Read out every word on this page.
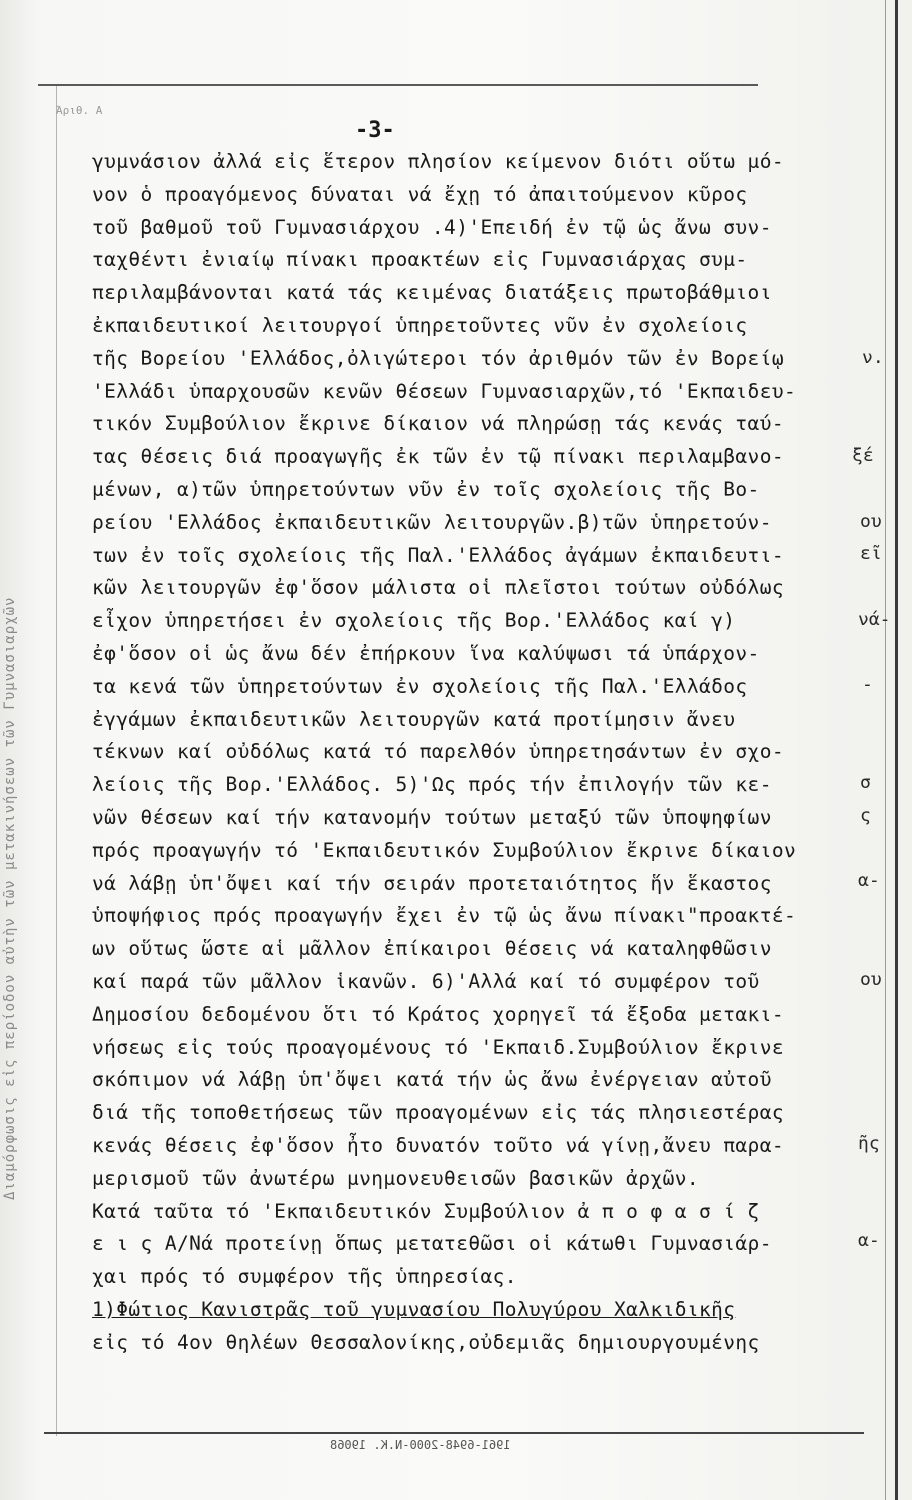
Διαμόρφωσις εἰς περίοδον αὐτὴν τῶν μετακινήσεων τῶν Γυμνασιαρχῶν
Άριθ. Α
-3-
γυμνάσιον ἀλλά εἰς ἕτερον πλησίον κείμενον διότι οὕτω μό-
νον ὁ προαγόμενος δύναται νά ἔχῃ τό ἀπαιτούμενον κῦρος
τοῦ βαθμοῦ τοῦ Γυμνασιάρχου .4)'Επειδή ἐν τῷ ὡς ἄνω συν-
ταχθέντι ἐνιαίῳ πίνακι προακτέων εἰς Γυμνασιάρχας συμ-
περιλαμβάνονται κατά τάς κειμένας διατάξεις πρωτοβάθμιοι
ἐκπαιδευτικοί λειτουργοί ὑπηρετοῦντες νῦν ἐν σχολείοις
τῆς Βορείου 'Ελλάδος,ὀλιγώτεροι τόν ἀριθμόν τῶν ἐν Βορείῳ
'Ελλάδι ὑπαρχουσῶν κενῶν θέσεων Γυμνασιαρχῶν,τό 'Εκπαιδευ-
τικόν Συμβούλιον ἔκρινε δίκαιον νά πληρώσῃ τάς κενάς ταύ-
τας θέσεις διά προαγωγῆς ἐκ τῶν ἐν τῷ πίνακι περιλαμβανο-
μένων, α)τῶν ὑπηρετούντων νῦν ἐν τοῖς σχολείοις τῆς Βο-
ρείου 'Ελλάδος ἐκπαιδευτικῶν λειτουργῶν.β)τῶν ὑπηρετούν-
των ἐν τοῖς σχολείοις τῆς Παλ.'Ελλάδος ἀγάμων ἐκπαιδευτι-
κῶν λειτουργῶν ἐφ'ὅσον μάλιστα οἱ πλεῖστοι τούτων οὐδόλως
εἶχον ὑπηρετήσει ἐν σχολείοις τῆς Βορ.'Ελλάδος καί γ)
ἐφ'ὅσον οἱ ὡς ἄνω δέν ἐπήρκουν ἵνα καλύψωσι τά ὑπάρχον-
τα κενά τῶν ὑπηρετούντων ἐν σχολείοις τῆς Παλ.'Ελλάδος
ἐγγάμων ἐκπαιδευτικῶν λειτουργῶν κατά προτίμησιν ἄνευ
τέκνων καί οὐδόλως κατά τό παρελθόν ὑπηρετησάντων ἐν σχο-
λείοις τῆς Βορ.'Ελλάδος. 5)'Ως πρός τήν ἐπιλογήν τῶν κε-
νῶν θέσεων καί τήν κατανομήν τούτων μεταξύ τῶν ὑποψηφίων
πρός προαγωγήν τό 'Εκπαιδευτικόν Συμβούλιον ἔκρινε δίκαιον
νά λάβῃ ὑπ'ὄψει καί τήν σειράν προτεταιότητος ἥν ἕκαστος
ὑποψήφιος πρός προαγωγήν ἔχει ἐν τῷ ὡς ἄνω πίνακι"προακτέ-
ων οὕτως ὥστε αἱ μᾶλλον ἐπίκαιροι θέσεις νά καταληφθῶσιν
καί παρά τῶν μᾶλλον ἱκανῶν. 6)'Αλλά καί τό συμφέρον τοῦ
Δημοσίου δεδομένου ὅτι τό Κράτος χορηγεῖ τά ἔξοδα μετακι-
νήσεως εἰς τούς προαγομένους τό 'Εκπαιδ.Συμβούλιον ἔκρινε
σκόπιμον νά λάβῃ ὑπ'ὄψει κατά τήν ὡς ἄνω ἐνέργειαν αὐτοῦ
διά τῆς τοποθετήσεως τῶν προαγομένων εἰς τάς πλησιεστέρας
κενάς θέσεις ἐφ'ὅσον ἦτο δυνατόν τοῦτο νά γίνῃ,ἄνευ παρα-
μερισμοῦ τῶν ἀνωτέρω μνημονευθεισῶν βασικῶν ἀρχῶν.
Κατά ταῦτα τό 'Εκπαιδευτικόν Συμβούλιον ἀ π ο φ α σ ί ζ
ε ι ς Α/Νά προτείνῃ ὅπως μετατεθῶσι οἱ κάτωθι Γυμνασιάρ-
χαι πρός τό συμφέρον τῆς ὑπηρεσίας.
1)Φώτιος Κανιστρᾶς τοῦ γυμνασίου Πολυγύρου Χαλκιδικῆς
εἰς τό 4ον θηλέων Θεσσαλονίκης,οὐδεμιᾶς δημιουργουμένης
ν.
ξέ
ου
εῖ
νά-
-
σ
ς
α-
ου
ῆς
α-
1961-6948-2000-Ν.Κ. 19068
